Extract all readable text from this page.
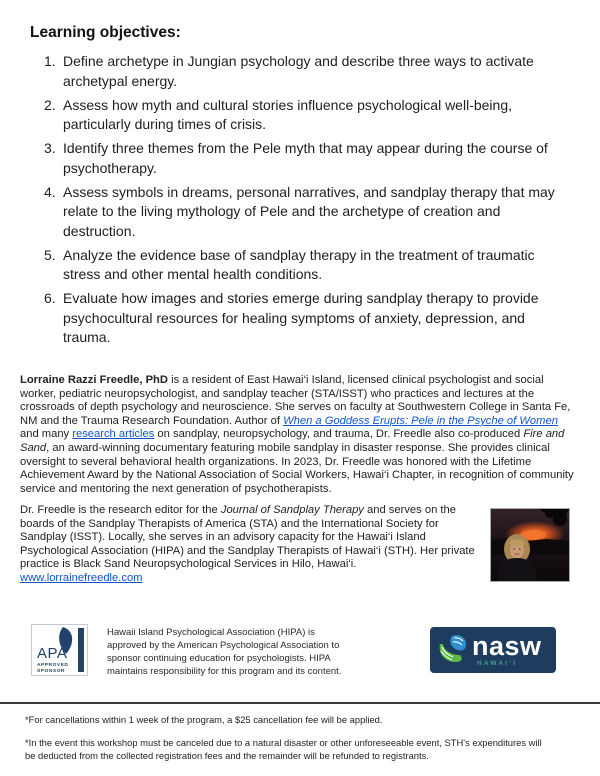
Learning objectives:
1. Define archetype in Jungian psychology and describe three ways to activate archetypal energy.
2. Assess how myth and cultural stories influence psychological well-being, particularly during times of crisis.
3. Identify three themes from the Pele myth that may appear during the course of psychotherapy.
4. Assess symbols in dreams, personal narratives, and sandplay therapy that may relate to the living mythology of Pele and the archetype of creation and destruction.
5. Analyze the evidence base of sandplay therapy in the treatment of traumatic stress and other mental health conditions.
6. Evaluate how images and stories emerge during sandplay therapy to provide psychocultural resources for healing symptoms of anxiety, depression, and trauma.
Lorraine Razzi Freedle, PhD is a resident of East Hawai‘i Island, licensed clinical psychologist and social worker, pediatric neuropsychologist, and sandplay teacher (STA/ISST) who practices and lectures at the crossroads of depth psychology and neuroscience. She serves on faculty at Southwestern College in Santa Fe, NM and the Trauma Research Foundation. Author of When a Goddess Erupts: Pele in the Psyche of Women and many research articles on sandplay, neuropsychology, and trauma, Dr. Freedle also co-produced Fire and Sand, an award-winning documentary featuring mobile sandplay in disaster response. She provides clinical oversight to several behavioral health organizations. In 2023, Dr. Freedle was honored with the Lifetime Achievement Award by the National Association of Social Workers, Hawai‘i Chapter, in recognition of community service and mentoring the next generation of psychotherapists.
Dr. Freedle is the research editor for the Journal of Sandplay Therapy and serves on the boards of the Sandplay Therapists of America (STA) and the International Society for Sandplay (ISST). Locally, she serves in an advisory capacity for the Hawai‘i Island Psychological Association (HIPA) and the Sandplay Therapists of Hawai‘i (STH). Her private practice is Black Sand Neuropsychological Services in Hilo, Hawai‘i.
www.lorrainefreedle.com
APA
APPROVED
SPONSOR
Hawaii Island Psychological Association (HIPA) is
approved by the American Psychological Association to
sponsor continuing education for psychologists. HIPA
maintains responsibility for this program and its content.
nasw
HAWAI‘I
*For cancellations within 1 week of the program, a $25 cancellation fee will be applied.
*In the event this workshop must be canceled due to a natural disaster or other unforeseeable event, STH's expenditures will
be deducted from the collected registration fees and the remainder will be refunded to registrants.
